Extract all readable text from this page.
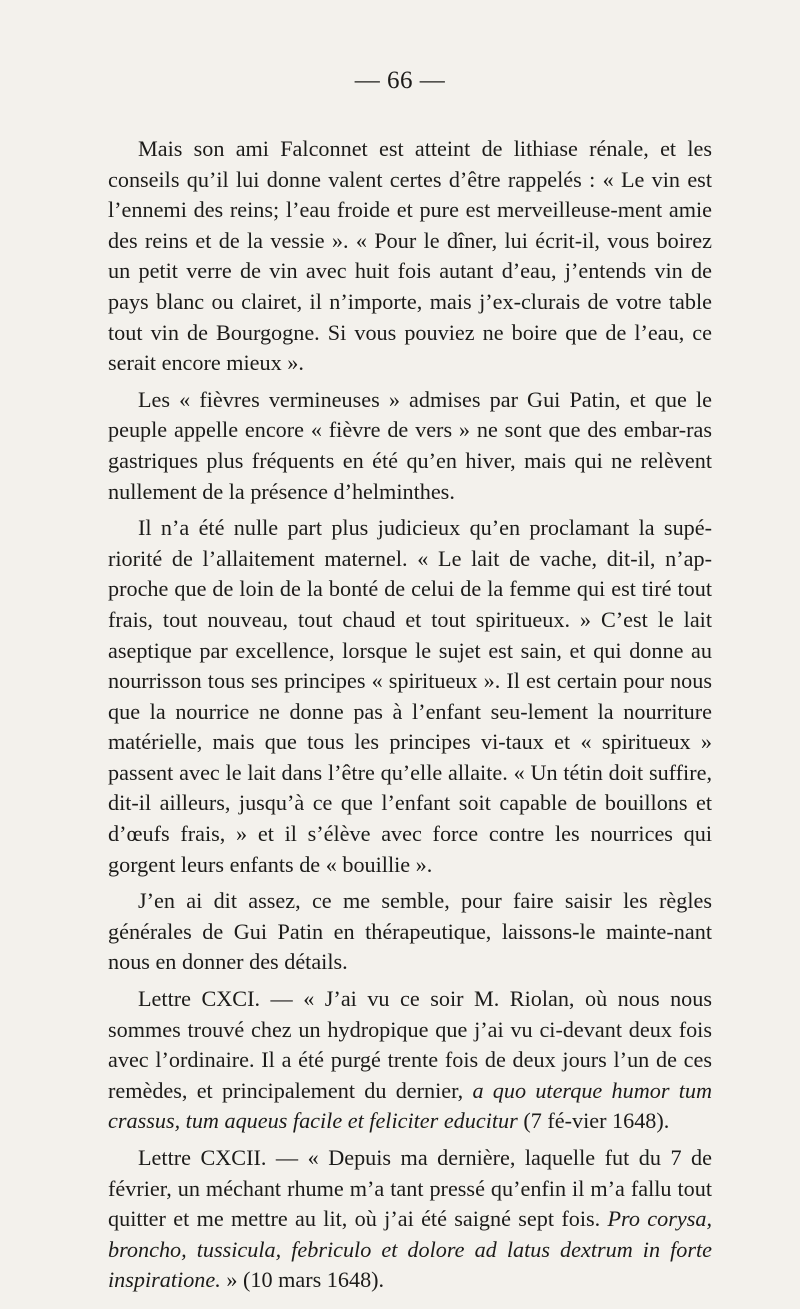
— 66 —

Mais son ami Falconnet est atteint de lithiase rénale, et les conseils qu’il lui donne valent certes d’être rappelés : « Le vin est l’ennemi des reins; l’eau froide et pure est merveilleuse-ment amie des reins et de la vessie ». « Pour le dîner, lui écrit-il, vous boirez un petit verre de vin avec huit fois autant d’eau, j’entends vin de pays blanc ou clairet, il n’importe, mais j’ex-clurais de votre table tout vin de Bourgogne. Si vous pouviez ne boire que de l’eau, ce serait encore mieux ».

Les « fièvres vermineuses » admises par Gui Patin, et que le peuple appelle encore « fièvre de vers » ne sont que des embar-ras gastriques plus fréquents en été qu’en hiver, mais qui ne relèvent nullement de la présence d’helminthes.

Il n’a été nulle part plus judicieux qu’en proclamant la supé-riorité de l’allaitement maternel. « Le lait de vache, dit-il, n’ap-proche que de loin de la bonté de celui de la femme qui est tiré tout frais, tout nouveau, tout chaud et tout spiritueux. » C’est le lait aseptique par excellence, lorsque le sujet est sain, et qui donne au nourrisson tous ses principes « spiritueux ». Il est certain pour nous que la nourrice ne donne pas à l’enfant seu-lement la nourriture matérielle, mais que tous les principes vi-taux et « spiritueux » passent avec le lait dans l’être qu’elle allaite. « Un tétin doit suffire, dit-il ailleurs, jusqu’à ce que l’enfant soit capable de bouillons et d’œufs frais, » et il s’élève avec force contre les nourrices qui gorgent leurs enfants de « bouillie ».

J’en ai dit assez, ce me semble, pour faire saisir les règles générales de Gui Patin en thérapeutique, laissons-le mainte-nant nous en donner des détails.

Lettre CXCI. — « J’ai vu ce soir M. Riolan, où nous nous sommes trouvé chez un hydropique que j’ai vu ci-devant deux fois avec l’ordinaire. Il a été purgé trente fois de deux jours l’un de ces remèdes, et principalement du dernier, a quo uterque humor tum crassus, tum aqueus facile et feliciter educitur (7 fé-vier 1648).

Lettre CXCII. — « Depuis ma dernière, laquelle fut du 7 de février, un méchant rhume m’a tant pressé qu’enfin il m’a fallu tout quitter et me mettre au lit, où j’ai été saigné sept fois. Pro corysa, broncho, tussicula, febriculo et dolore ad latus dextrum in forte inspiratione. » (10 mars 1648).
